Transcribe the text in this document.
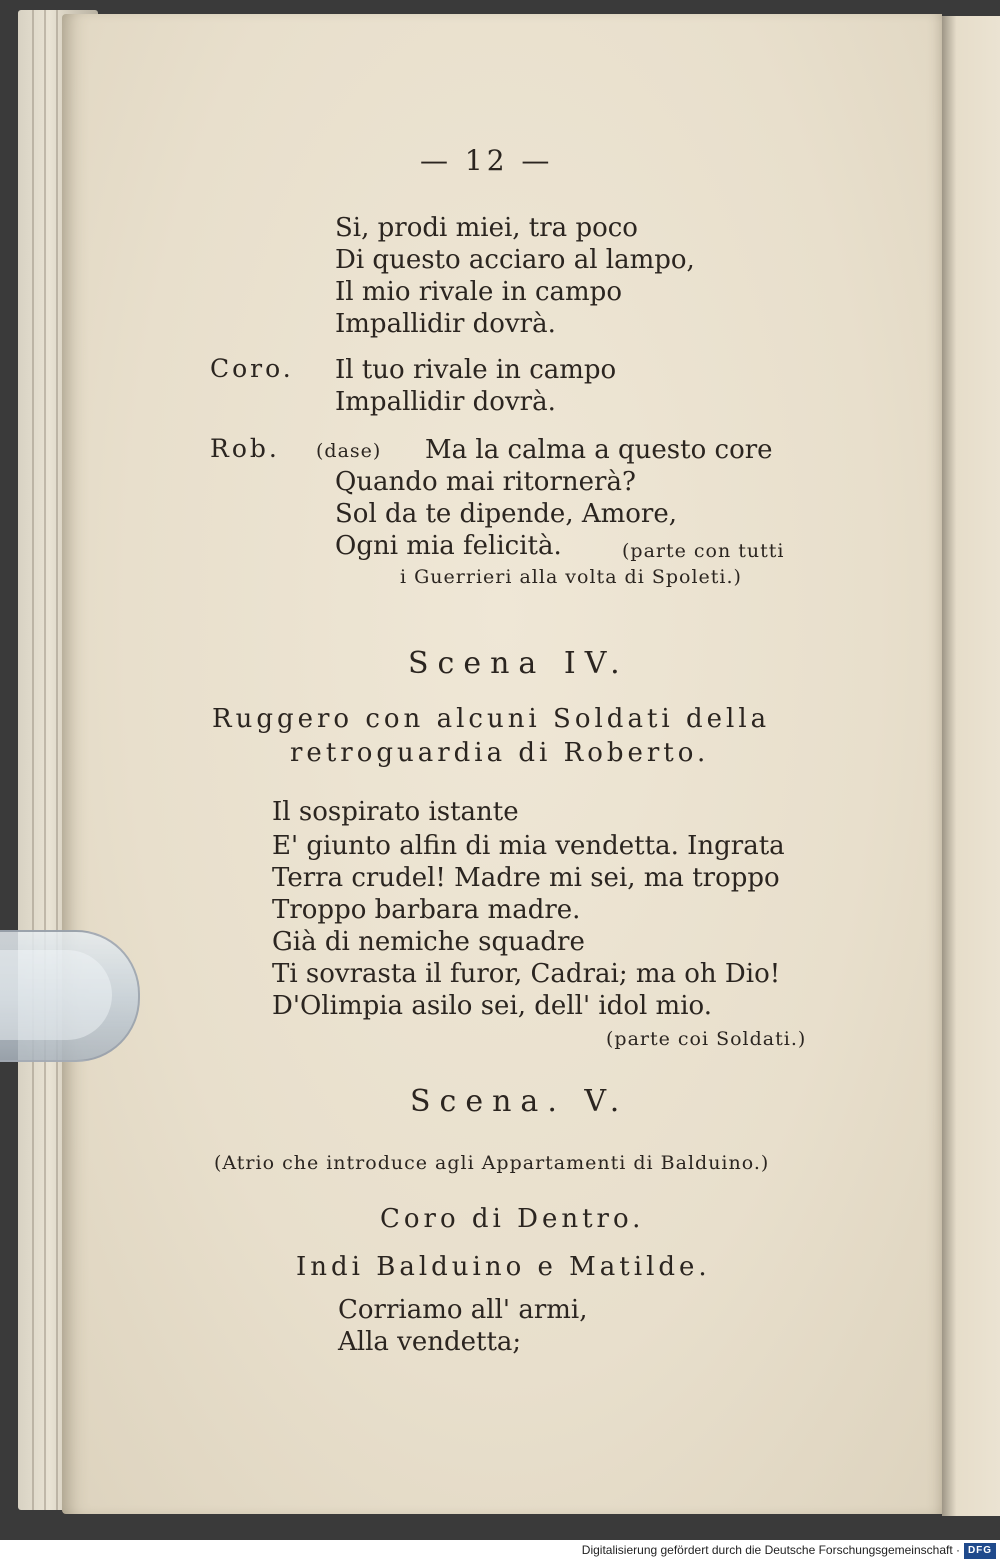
— 12 —
Si, prodi miei, tra poco
Di questo acciaro al lampo,
Il mio rivale in campo
Impallidir dovrà.
Coro. Il tuo rivale in campo
Impallidir dovrà.
Rob. (dase) Ma la calma a questo core
Quando mai ritornerà?
Sol da te dipende, Amore,
Ogni mia felicità.	(parte con tutti
i Guerrieri alla volta di Spoleti.)
Scena IV.
Ruggero con alcuni Soldati della
retroguardia di Roberto.
Il sospirato istante
E' giunto alfin di mia vendetta. Ingrata
Terra crudel! Madre mi sei, ma troppo
Troppo barbara madre.
Già di nemiche squadre
Ti sovrasta il furor, Cadrai; ma oh Dio!
D'Olimpia asilo sei, dell' idol mio.
(parte coi Soldati.)
Scena. V.
(Atrio che introduce agli Appartamenti di Balduino.)
Coro di Dentro.
Indi Balduino e Matilde.
Corriamo all' armi,
Alla vendetta;
Digitalisierung gefördert durch die Deutsche Forschungsgemeinschaft · DFG
